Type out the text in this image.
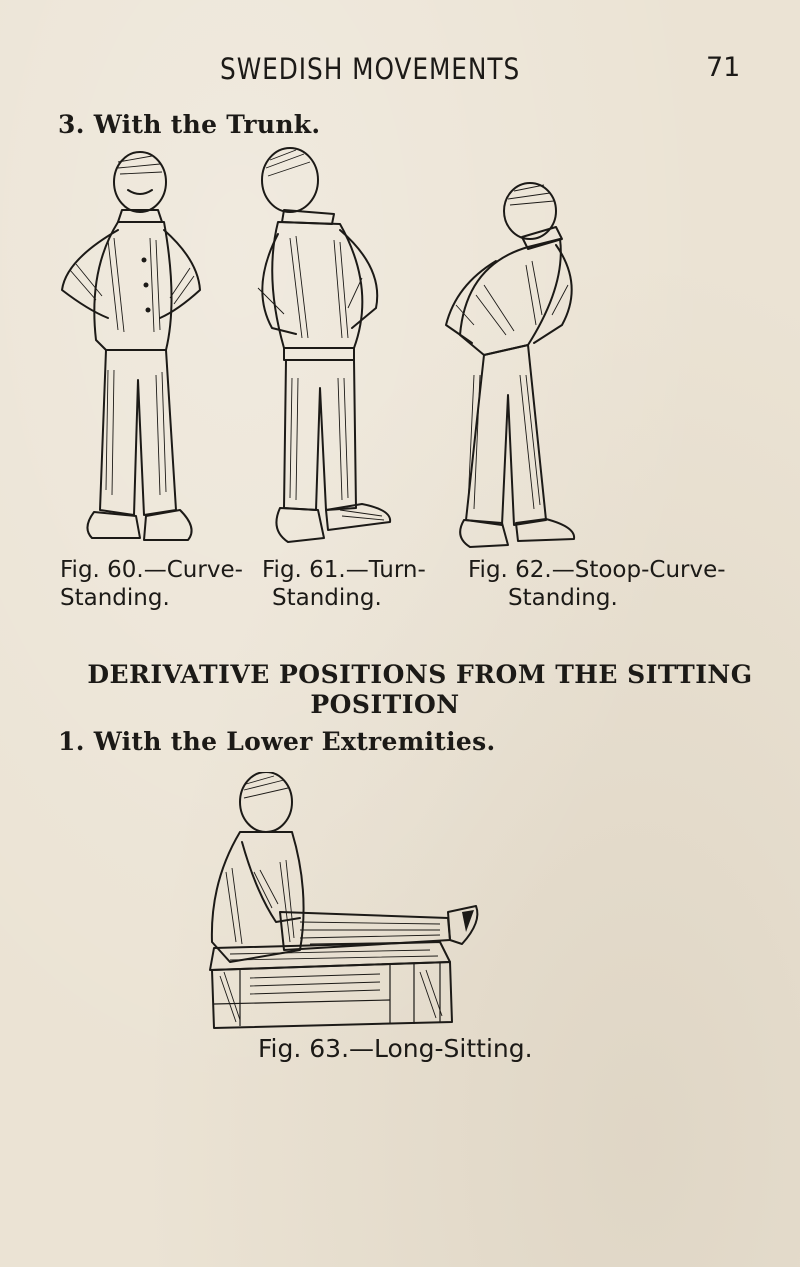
SWEDISH MOVEMENTS	71
3. With the Trunk.
Fig. 60.—Curve-
Standing.
Fig. 61.—Turn-
Standing.
Fig. 62.—Stoop-Curve-
Standing.
DERIVATIVE POSITIONS FROM THE SITTING
POSITION
1. With the Lower Extremities.
Fig. 63.—Long-Sitting.
